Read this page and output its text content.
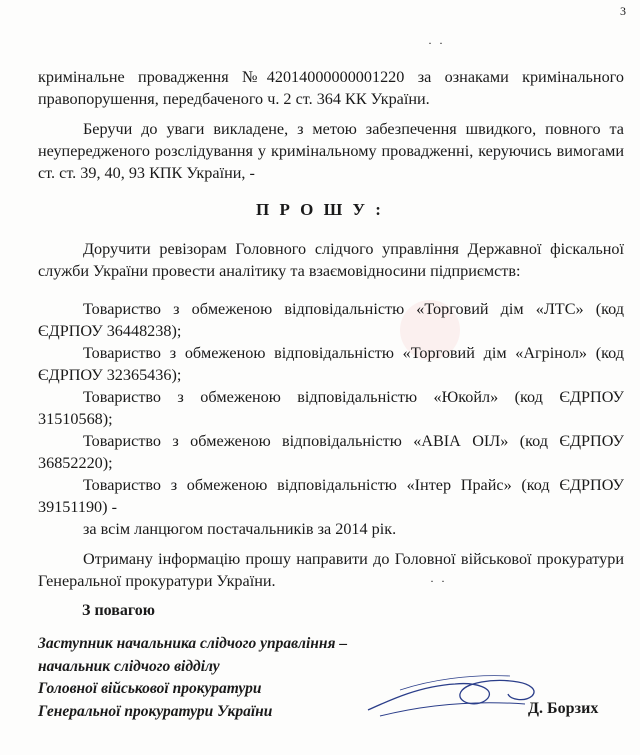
3
· ·
кримінальне провадження №42014000000001220 за ознаками кримінального правопорушення, передбаченого ч. 2 ст. 364 КК України.
Беручи до уваги викладене, з метою забезпечення швидкого, повного та неупередженого розслідування у кримінальному провадженні, керуючись вимогами ст. ст. 39, 40, 93 КПК України, -
П Р О Ш У :
Доручити ревізорам Головного слідчого управління Державної фіскальної служби України провести аналітику та взаємовідносини підприємств:
Товариство з обмеженою відповідальністю «Торговий дім «ЛТС» (код ЄДРПОУ 36448238);
Товариство з обмеженою відповідальністю «Торговий дім «Агрінол» (код ЄДРПОУ 32365436);
Товариство з обмеженою відповідальністю «Юкойл» (код ЄДРПОУ 31510568);
Товариство з обмеженою відповідальністю «АВІА ОІЛ» (код ЄДРПОУ 36852220);
Товариство з обмеженою відповідальністю «Інтер Прайс» (код ЄДРПОУ 39151190) -
за всім ланцюгом постачальників за 2014 рік.
Отриману інформацію прошу направити до Головної військової прокуратури Генеральної прокуратури України.	· ·
З повагою
Заступник начальника слідчого управління –
начальник слідчого відділу
Головної військової прокуратури
Генеральної прокуратури України	Д. Борзих
